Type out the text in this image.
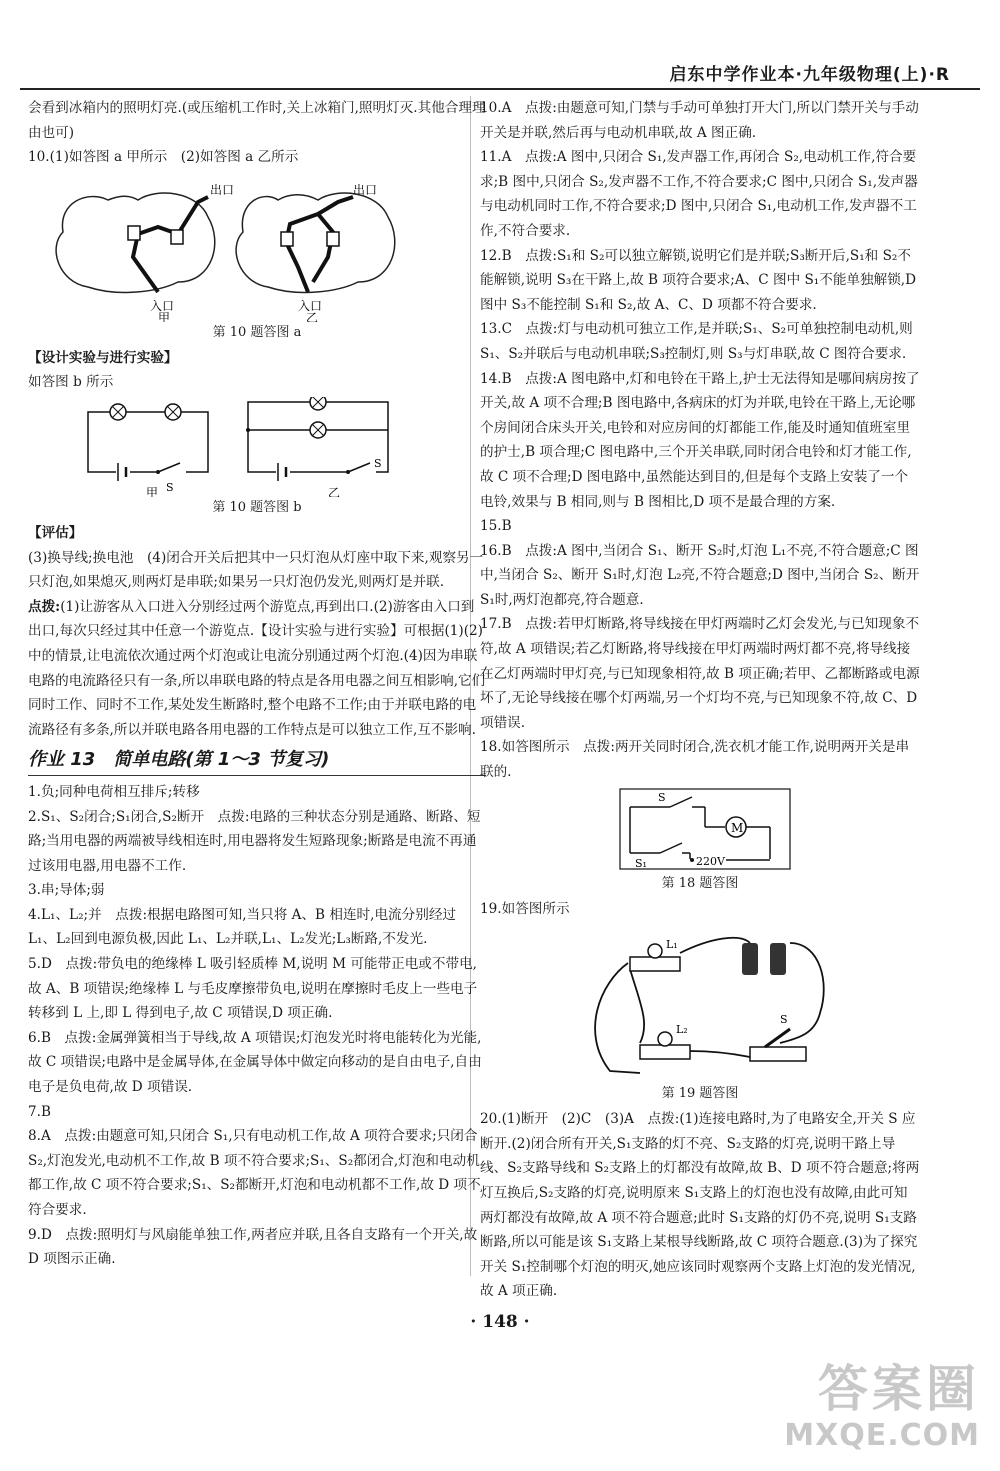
启东中学作业本·九年级物理(上)·R

会看到冰箱内的照明灯亮.(或压缩机工作时,关上冰箱门,照明灯灭.其他合理理由也可)

10.(1)如答图 a 甲所示　(2)如答图 a 乙所示

出口	出口
入口	入口
甲	乙
第 10 题答图 a

【设计实验与进行实验】

如答图 b 所示

S
S
甲	乙
第 10 题答图 b

【评估】

(3)换导线;换电池　(4)闭合开关后把其中一只灯泡从灯座中取下来,观察另一只灯泡,如果熄灭,则两灯是串联;如果另一只灯泡仍发光,则两灯是并联.

点拨:(1)让游客从入口进入分别经过两个游览点,再到出口.(2)游客由入口到出口,每次只经过其中任意一个游览点.【设计实验与进行实验】可根据(1)(2)中的情景,让电流依次通过两个灯泡或让电流分别通过两个灯泡.(4)因为串联电路的电流路径只有一条,所以串联电路的特点是各用电器之间互相影响,它们同时工作、同时不工作,某处发生断路时,整个电路不工作;由于并联电路的电流路径有多条,所以并联电路各用电器的工作特点是可以独立工作,互不影响.

作业 13　简单电路(第 1～3 节复习)

1.负;同种电荷相互排斥;转移

2.S₁、S₂闭合;S₁闭合,S₂断开　点拨:电路的三种状态分别是通路、断路、短路;当用电器的两端被导线相连时,用电器将发生短路现象;断路是电流不再通过该用电器,用电器不工作.

3.串;导体;弱

4.L₁、L₂;并　点拨:根据电路图可知,当只将 A、B 相连时,电流分别经过 L₁、L₂回到电源负极,因此 L₁、L₂并联,L₁、L₂发光;L₃断路,不发光.

5.D　点拨:带负电的绝缘棒 L 吸引轻质棒 M,说明 M 可能带正电或不带电,故 A、B 项错误;绝缘棒 L 与毛皮摩擦带负电,说明在摩擦时毛皮上一些电子转移到 L 上,即 L 得到电子,故 C 项错误,D 项正确.

6.B　点拨:金属弹簧相当于导线,故 A 项错误;灯泡发光时将电能转化为光能,故 C 项错误;电路中是金属导体,在金属导体中做定向移动的是自由电子,自由电子是负电荷,故 D 项错误.

7.B

8.A　点拨:由题意可知,只闭合 S₁,只有电动机工作,故 A 项符合要求;只闭合 S₂,灯泡发光,电动机不工作,故 B 项不符合要求;S₁、S₂都闭合,灯泡和电动机都工作,故 C 项不符合要求;S₁、S₂都断开,灯泡和电动机都不工作,故 D 项不符合要求.

9.D　点拨:照明灯与风扇能单独工作,两者应并联,且各自支路有一个开关,故 D 项图示正确.

10.A　点拨:由题意可知,门禁与手动可单独打开大门,所以门禁开关与手动开关是并联,然后再与电动机串联,故 A 图正确.

11.A　点拨:A 图中,只闭合 S₁,发声器工作,再闭合 S₂,电动机工作,符合要求;B 图中,只闭合 S₂,发声器不工作,不符合要求;C 图中,只闭合 S₁,发声器与电动机同时工作,不符合要求;D 图中,只闭合 S₁,电动机工作,发声器不工作,不符合要求.

12.B　点拨:S₁和 S₂可以独立解锁,说明它们是并联;S₃断开后,S₁和 S₂不能解锁,说明 S₃在干路上,故 B 项符合要求;A、C 图中 S₁不能单独解锁,D 图中 S₃不能控制 S₁和 S₂,故 A、C、D 项都不符合要求.

13.C　点拨:灯与电动机可独立工作,是并联;S₁、S₂可单独控制电动机,则 S₁、S₂并联后与电动机串联;S₃控制灯,则 S₃与灯串联,故 C 图符合要求.

14.B　点拨:A 图电路中,灯和电铃在干路上,护士无法得知是哪间病房按了开关,故 A 项不合理;B 图电路中,各病床的灯为并联,电铃在干路上,无论哪个房间闭合床头开关,电铃和对应房间的灯都能工作,能及时通知值班室里的护士,B 项合理;C 图电路中,三个开关串联,同时闭合电铃和灯才能工作,故 C 项不合理;D 图电路中,虽然能达到目的,但是每个支路上安装了一个电铃,效果与 B 相同,则与 B 图相比,D 项不是最合理的方案.

15.B

16.B　点拨:A 图中,当闭合 S₁、断开 S₂时,灯泡 L₁不亮,不符合题意;C 图中,当闭合 S₂、断开 S₁时,灯泡 L₂亮,不符合题意;D 图中,当闭合 S₂、断开 S₁时,两灯泡都亮,符合题意.

17.B　点拨:若甲灯断路,将导线接在甲灯两端时乙灯会发光,与已知现象不符,故 A 项错误;若乙灯断路,将导线接在甲灯两端时两灯都不亮,将导线接在乙灯两端时甲灯亮,与已知现象相符,故 B 项正确;若甲、乙都断路或电源坏了,无论导线接在哪个灯两端,另一个灯均不亮,与已知现象不符,故 C、D 项错误.

18.如答图所示　点拨:两开关同时闭合,洗衣机才能工作,说明两开关是串联的.

M
S
S₁	220V
第 18 题答图

19.如答图所示

L₁
L₂
S
第 19 题答图

20.(1)断开　(2)C　(3)A　点拨:(1)连接电路时,为了电路安全,开关 S 应断开.(2)闭合所有开关,S₁支路的灯不亮、S₂支路的灯亮,说明干路上导线、S₂支路导线和 S₂支路上的灯都没有故障,故 B、D 项不符合题意;将两灯互换后,S₂支路的灯亮,说明原来 S₁支路上的灯泡也没有故障,由此可知两灯都没有故障,故 A 项不符合题意;此时 S₁支路的灯仍不亮,说明 S₁支路断路,所以可能是该 S₁支路上某根导线断路,故 C 项符合题意.(3)为了探究开关 S₁控制哪个灯泡的明灭,她应该同时观察两个支路上灯泡的发光情况,故 A 项正确.

· 148 ·
答案圈
MXQE.COM
